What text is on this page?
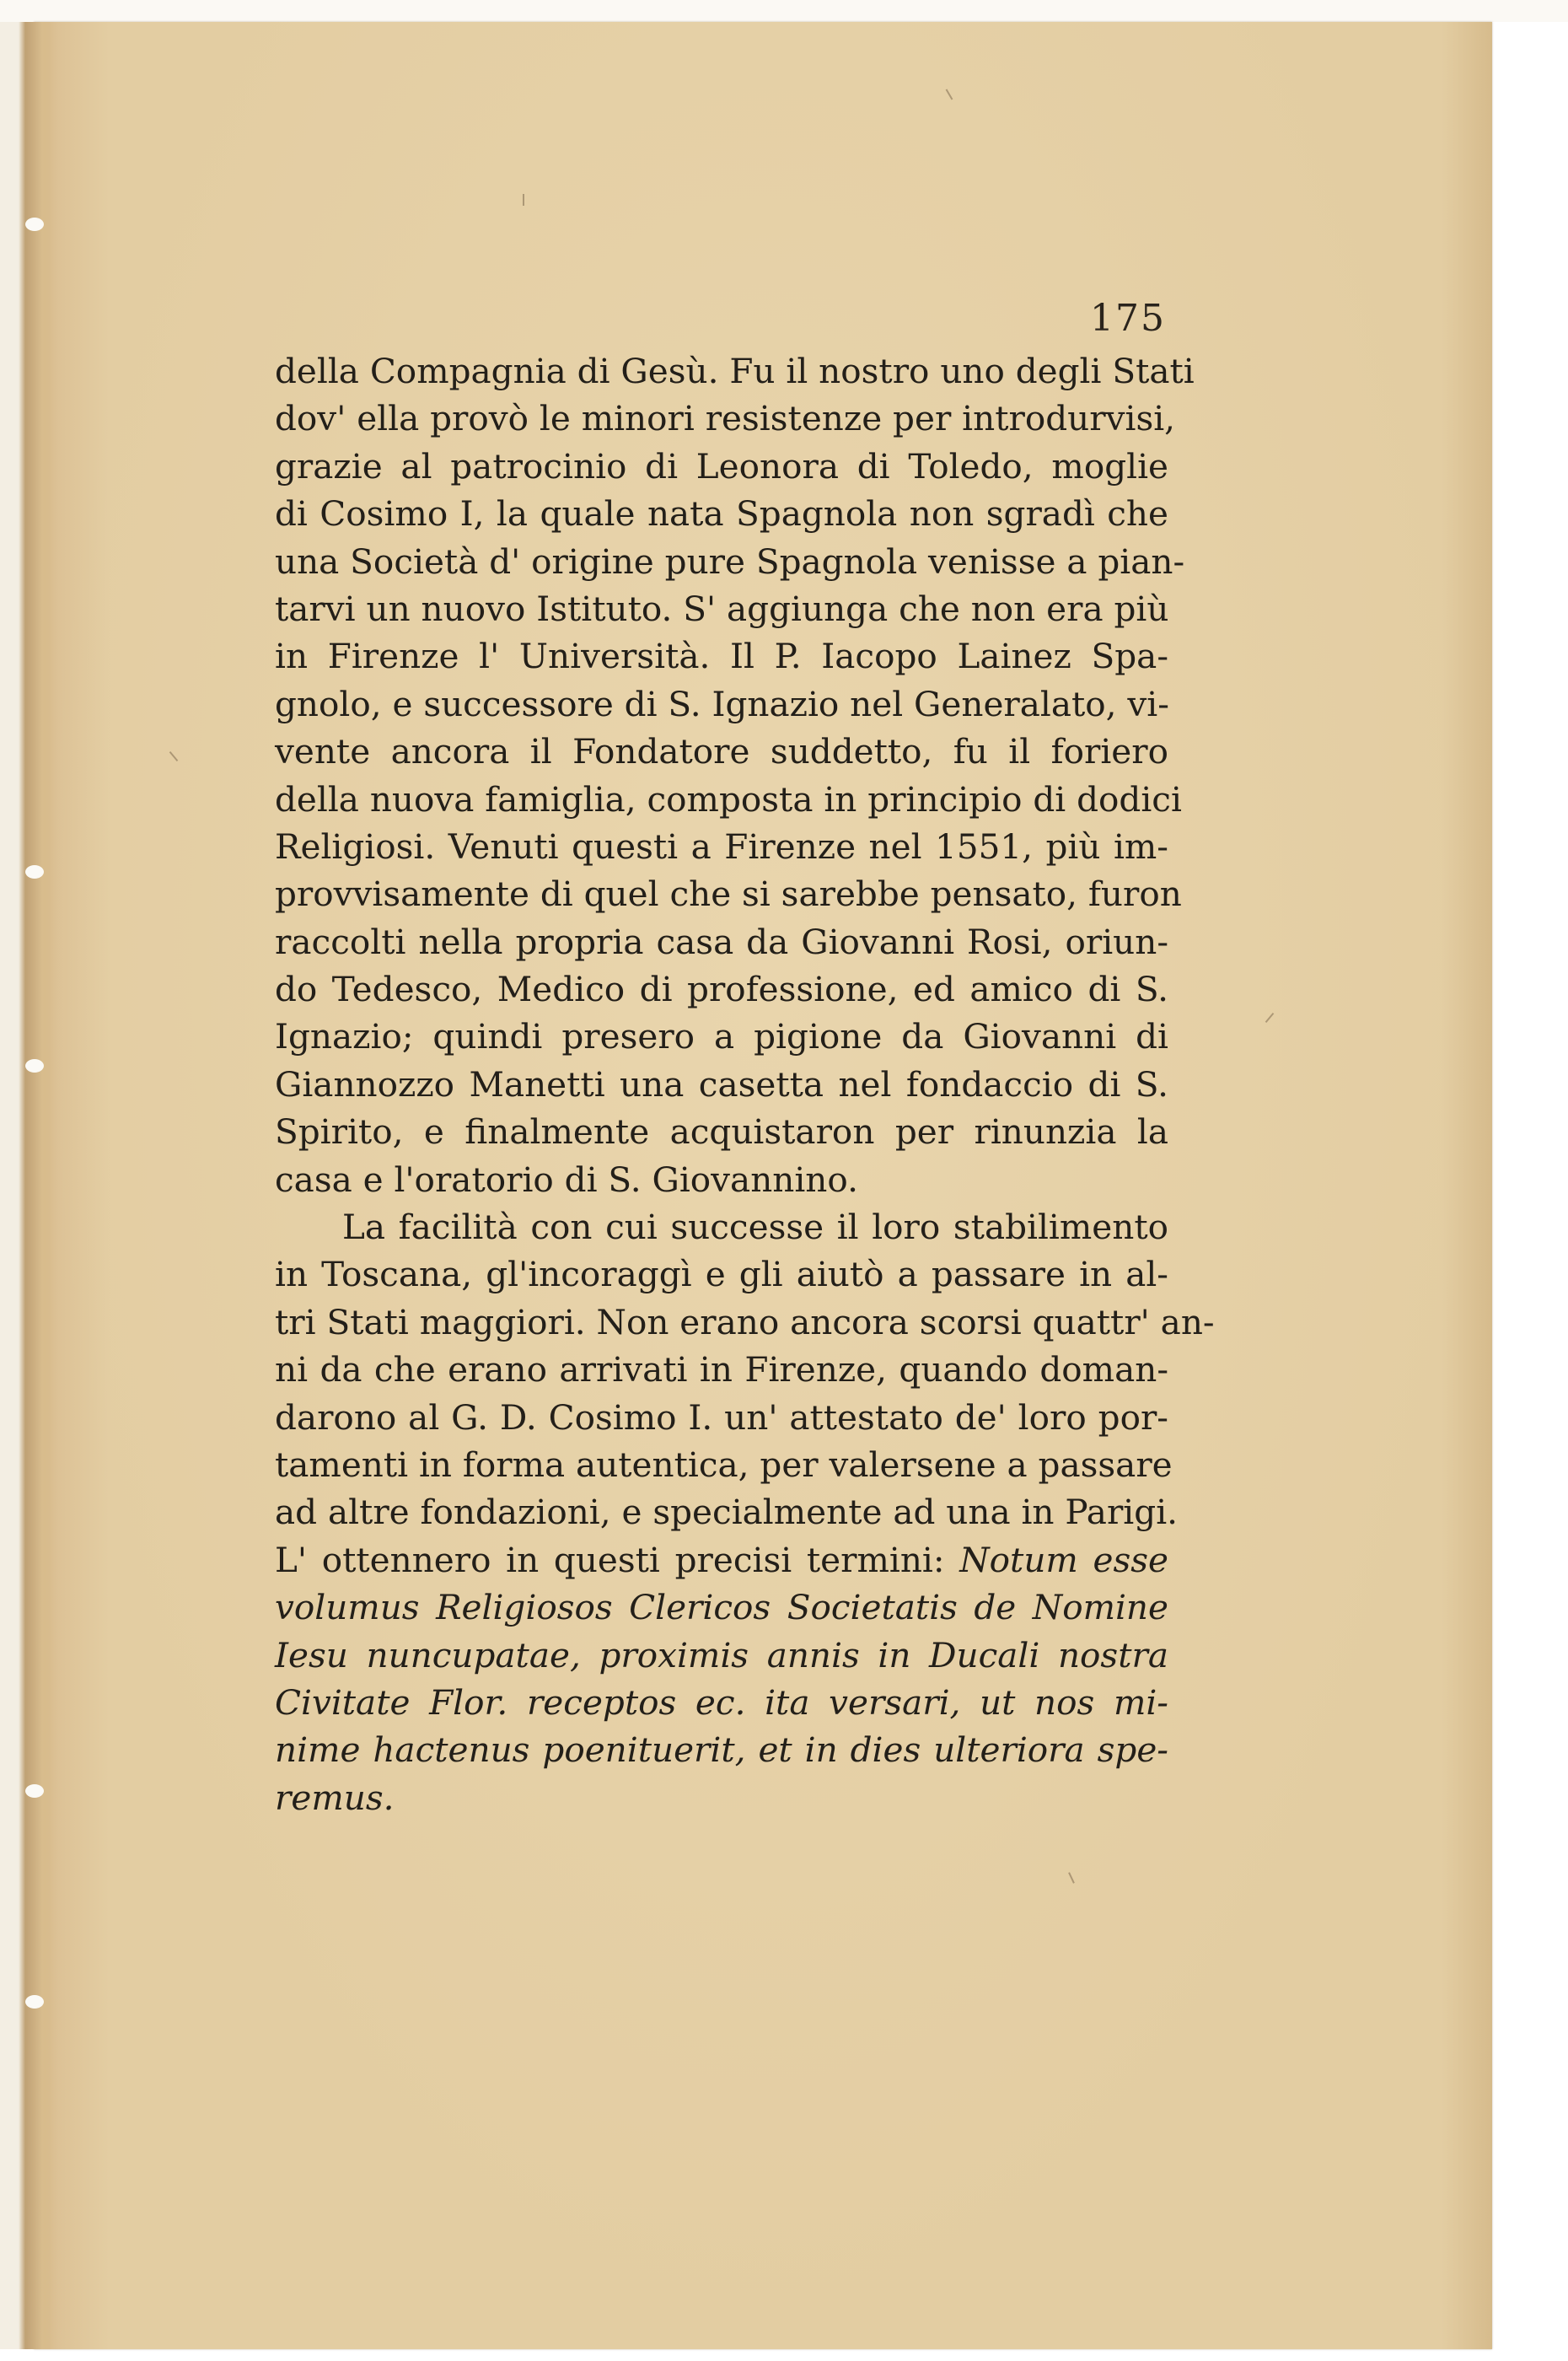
175
della Compagnia di Gesù. Fu il nostro uno degli Stati
dov' ella provò le minori resistenze per introdurvisi,
grazie al patrocinio di Leonora di Toledo, moglie
di Cosimo I, la quale nata Spagnola non sgradì che
una Società d' origine pure Spagnola venisse a pian-
tarvi un nuovo Istituto. S' aggiunga che non era più
in Firenze l' Università. Il P. Iacopo Lainez Spa-
gnolo, e successore di S. Ignazio nel Generalato, vi-
vente ancora il Fondatore suddetto, fu il foriero
della nuova famiglia, composta in principio di dodici
Religiosi. Venuti questi a Firenze nel 1551, più im-
provvisamente di quel che si sarebbe pensato, furon
raccolti nella propria casa da Giovanni Rosi, oriun-
do Tedesco, Medico di professione, ed amico di S.
Ignazio; quindi presero a pigione da Giovanni di
Giannozzo Manetti una casetta nel fondaccio di S.
Spirito, e finalmente acquistaron per rinunzia la
casa e l'oratorio di S. Giovannino.
La facilità con cui successe il loro stabilimento
in Toscana, gl'incoraggì e gli aiutò a passare in al-
tri Stati maggiori. Non erano ancora scorsi quattr' an-
ni da che erano arrivati in Firenze, quando doman-
darono al G. D. Cosimo I. un' attestato de' loro por-
tamenti in forma autentica, per valersene a passare
ad altre fondazioni, e specialmente ad una in Parigi.
L' ottennero in questi precisi termini: Notum esse
volumus Religiosos Clericos Societatis de Nomine
Iesu nuncupatae, proximis annis in Ducali nostra
Civitate Flor. receptos ec. ita versari, ut nos mi-
nime hactenus poenituerit, et in dies ulteriora spe-
remus.
